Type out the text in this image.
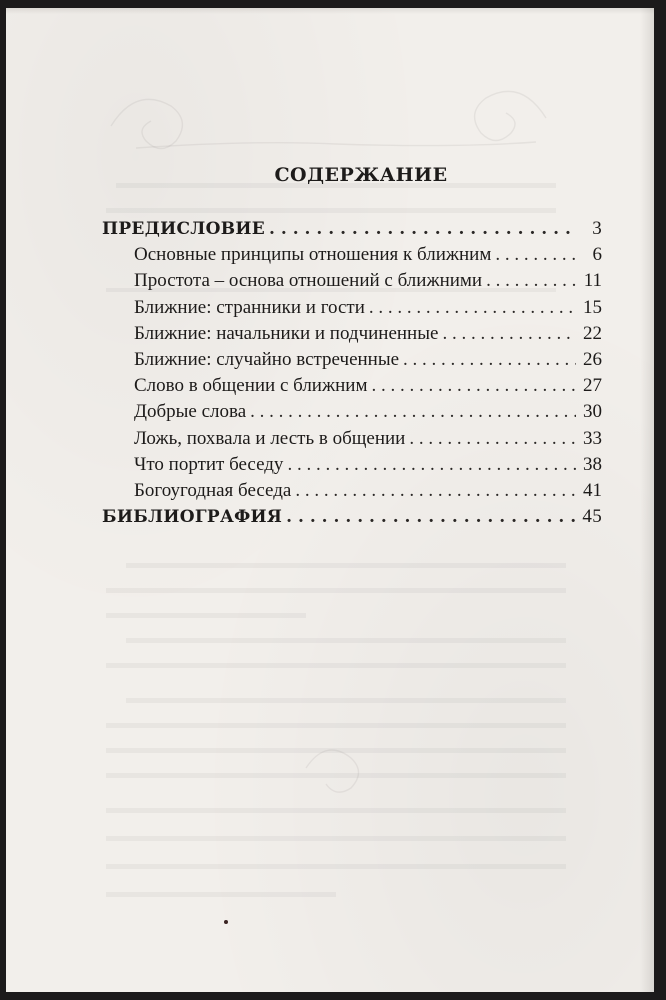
СОДЕРЖАНИЕ
ПРЕДИСЛОВИЕ . . .	3
Основные принципы отношения к ближним . . .	6
Простота – основа отношений с ближними . . .	11
Ближние: странники и гости . . .	15
Ближние: начальники и подчиненные . . .	22
Ближние: случайно встреченные . . .	26
Слово в общении с ближним . . .	27
Добрые слова . . .	30
Ложь, похвала и лесть в общении . . .	33
Что портит беседу . . .	38
Богоугодная беседа . . .	41
БИБЛИОГРАФИЯ . . .	45
